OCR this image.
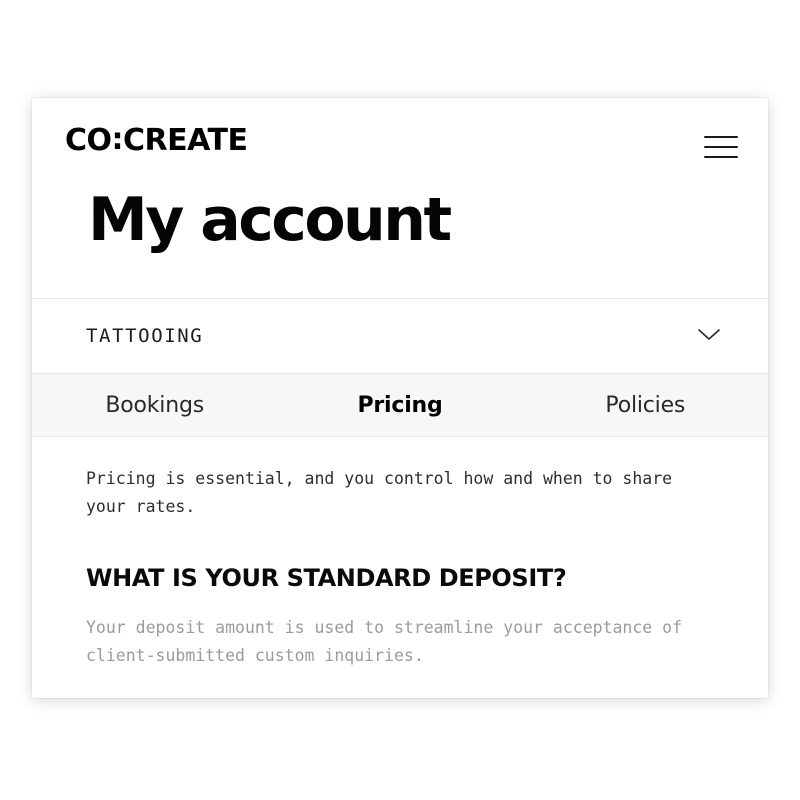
CO:CREATE
My account
TATTOOING
Bookings	Pricing	Policies

Pricing is essential, and you control how and when to share your rates.

WHAT IS YOUR STANDARD DEPOSIT?

Your deposit amount is used to streamline your acceptance of client-submitted custom inquiries.
